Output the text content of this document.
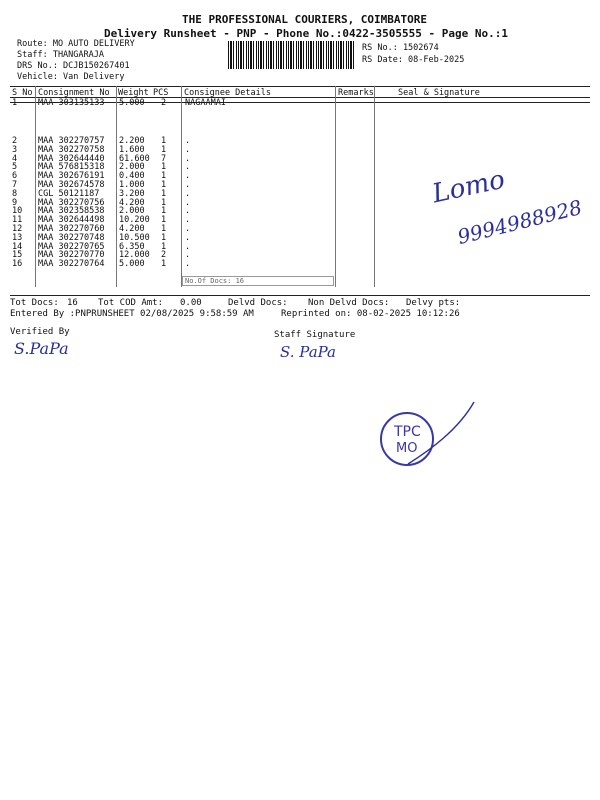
THE PROFESSIONAL COURIERS, COIMBATORE
Delivery Runsheet - PNP - Phone No.:0422-3505555 - Page No.:1
Route: MO AUTO DELIVERY
Staff: THANGARAJA
DRS No.: DCJB150267401
Vehicle: Van Delivery
RS No.: 1502674
RS Date: 08-Feb-2025
S No Consignment No Weight PCS Consignee Details	Remarks	Seal & Signature
1 MAA 303135133 5.000 2 NAGAAMAI
2 MAA 302270757 2.200 1 .
3 MAA 302270758 1.600 1 .
4 MAA 302644440 61.600 7 .
5 MAA 576815318 2.000 1 .
6 MAA 302676191 0.400 1 .
7 MAA 302674578 1.000 1 .
8 CGL 50121187 3.200 1 .
9 MAA 302270756 4.200 1 .
10 MAA 302358538 2.000 1 .
11 MAA 302644498 10.200 1 .
12 MAA 302270760 4.200 1 .
13 MAA 302270748 10.500 1 .
14 MAA 302270765 6.350 1 .
15 MAA 302270770 12.000 2 .
16 MAA 302270764 5.000 1 .
No.Of Docs: 16
Lomo
9994988928
Tot Docs: 16 Tot COD Amt: 0.00	Delvd Docs: Non Delvd Docs: Delvy pts:
Entered By :PNPRUNSHEET 02/08/2025 9:58:59 AM	Reprinted on: 08-02-2025 10:12:26
Verified By	Staff Signature
S.PaPa	S. PaPa
TPC
MO
